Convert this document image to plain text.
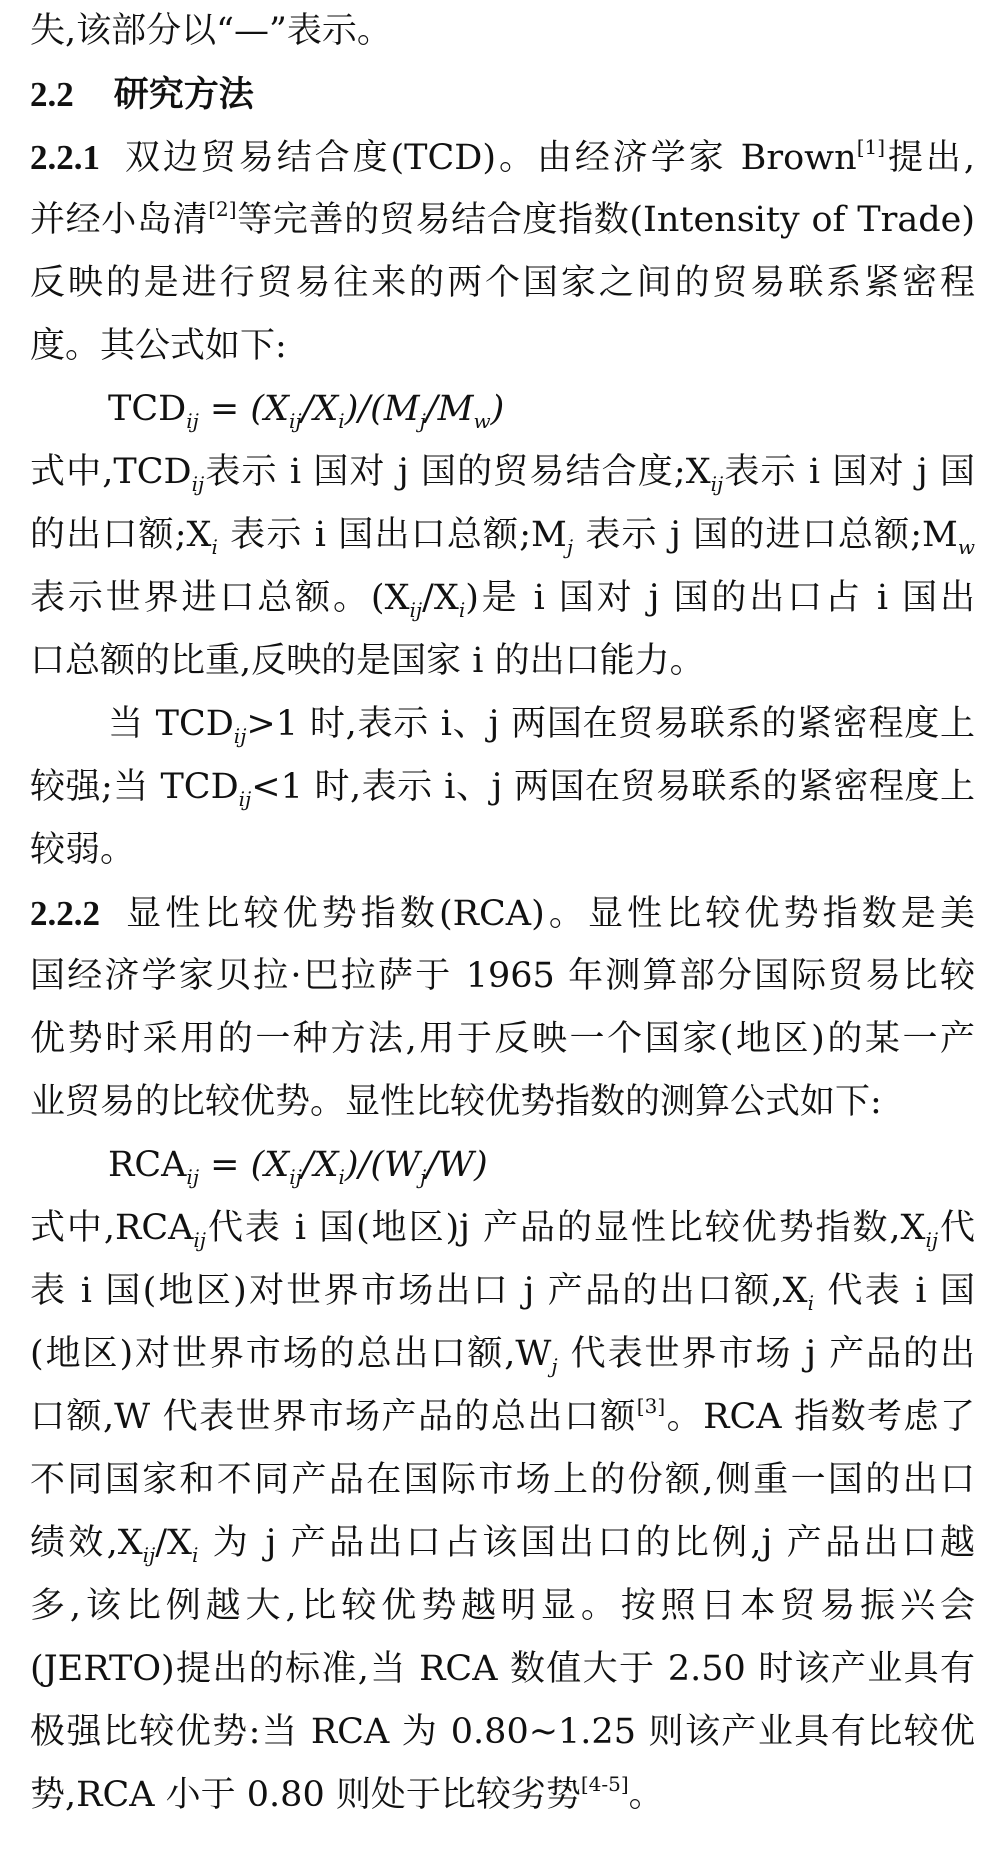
失,该部分以“—”表示。
2.2 研究方法
2.2.1 双边贸易结合度(TCD)。由经济学家 Brown[1]提出,
并经小岛清[2]等完善的贸易结合度指数(Intensity of Trade)
反映的是进行贸易往来的两个国家之间的贸易联系紧密程
度。其公式如下:
$TCD_{ij} = (X_{ij}/X_i)/(M_j/M_w)$
式中$,TCD_{ij}$表示 i 国对 j 国的贸易结合度$;X_{ij}$表示 i 国对 j 国
的出口额$;X_i$ 表示 i 国出口总额$;M_j$ 表示 j 国的进口总额$;M_w$
表示世界进口总额。$(X_{ij}/X_i)$是 i 国对 j 国的出口占 i 国出
口总额的比重,反映的是国家 i 的出口能力。
当 $TCD_{ij}>1$ 时,表示 i、j 两国在贸易联系的紧密程度上
较强;当 $TCD_{ij}<1$ 时,表示 i、j 两国在贸易联系的紧密程度上
较弱。
2.2.2 显性比较优势指数(RCA)。显性比较优势指数是美
国经济学家贝拉·巴拉萨于 1965 年测算部分国际贸易比较
优势时采用的一种方法,用于反映一个国家(地区)的某一产
业贸易的比较优势。显性比较优势指数的测算公式如下:
$RCA_{ij} = (X_{ij}/X_i)/(W_j/W)$
式中$,RCA_{ij}$代表 i 国(地区)j 产品的显性比较优势指数$,X_{ij}$代
表 i 国(地区)对世界市场出口 j 产品的出口额$,X_i$ 代表 i 国
(地区)对世界市场的总出口额$,W_j$ 代表世界市场 j 产品的出
口额,W 代表世界市场产品的总出口额[3]。RCA 指数考虑了
不同国家和不同产品在国际市场上的份额,侧重一国的出口
绩效$,X_{ij}/X_i$ 为 j 产品出口占该国出口的比例,j 产品出口越
多,该比例越大,比较优势越明显。按照日本贸易振兴会
(JERTO)提出的标准,当 RCA 数值大于 2.50 时该产业具有
极强比较优势:当 RCA 为 0.80~1.25 则该产业具有比较优
势,RCA 小于 0.80 则处于比较劣势[4-5]。
